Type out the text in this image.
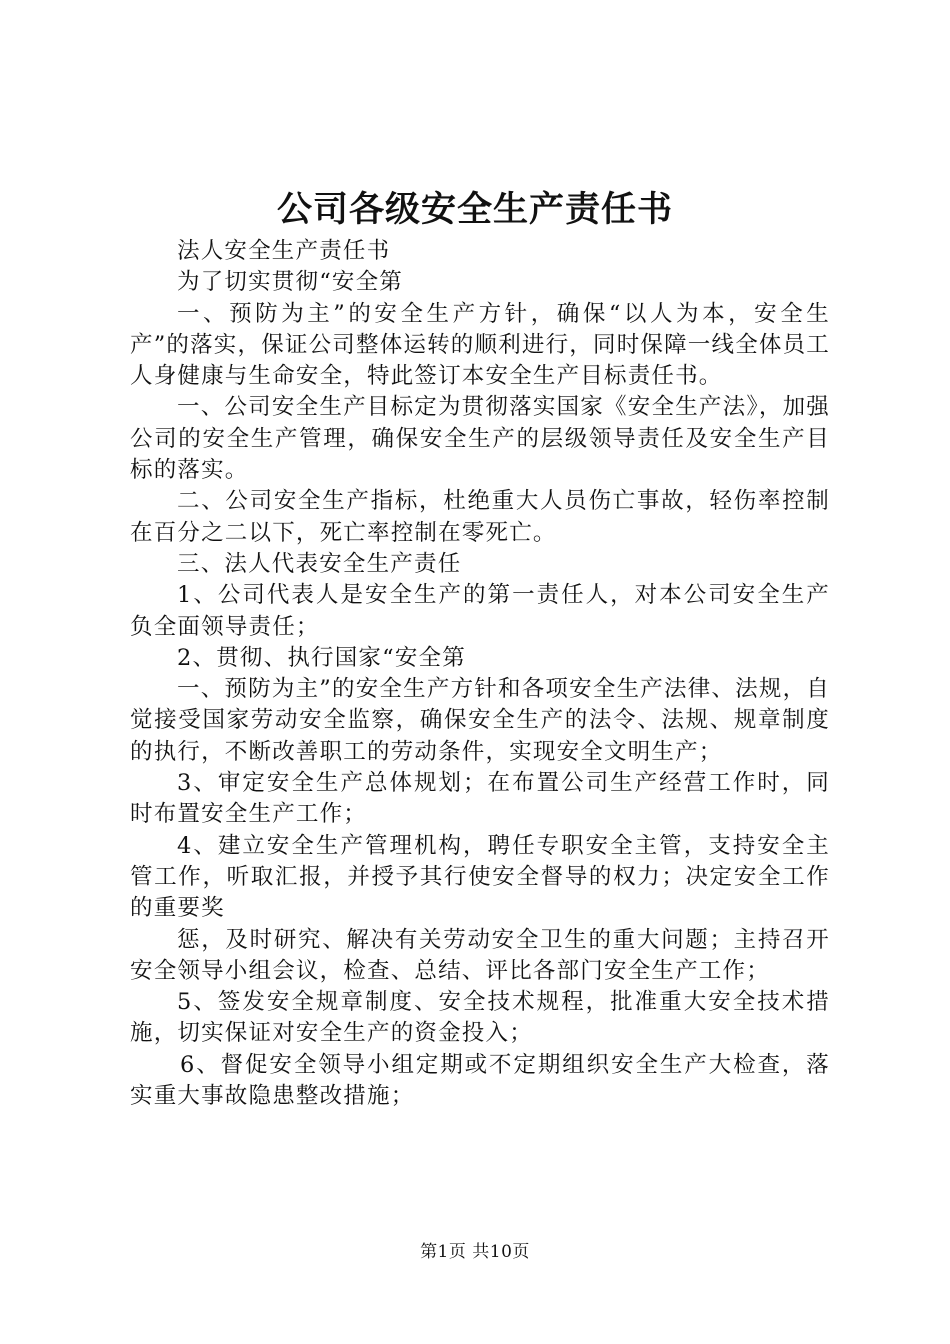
公司各级安全生产责任书

法人安全生产责任书

为了切实贯彻“安全第

一、预防为主”的安全生产方针，确保“以人为本，安全生产”的落实，保证公司整体运转的顺利进行，同时保障一线全体员工人身健康与生命安全，特此签订本安全生产目标责任书。

一、公司安全生产目标定为贯彻落实国家《安全生产法》，加强公司的安全生产管理，确保安全生产的层级领导责任及安全生产目标的落实。

二、公司安全生产指标，杜绝重大人员伤亡事故，轻伤率控制在百分之二以下，死亡率控制在零死亡。

三、法人代表安全生产责任

1、公司代表人是安全生产的第一责任人，对本公司安全生产负全面领导责任；

2、贯彻、执行国家“安全第

一、预防为主”的安全生产方针和各项安全生产法律、法规，自觉接受国家劳动安全监察，确保安全生产的法令、法规、规章制度的执行，不断改善职工的劳动条件，实现安全文明生产；

3、审定安全生产总体规划；在布置公司生产经营工作时，同时布置安全生产工作；

4、建立安全生产管理机构，聘任专职安全主管，支持安全主管工作，听取汇报，并授予其行使安全督导的权力；决定安全工作的重要奖

惩，及时研究、解决有关劳动安全卫生的重大问题；主持召开安全领导小组会议，检查、总结、评比各部门安全生产工作；

5、签发安全规章制度、安全技术规程，批准重大安全技术措施，切实保证对安全生产的资金投入；

6、督促安全领导小组定期或不定期组织安全生产大检查，落实重大事故隐患整改措施；

第1页 共10页
